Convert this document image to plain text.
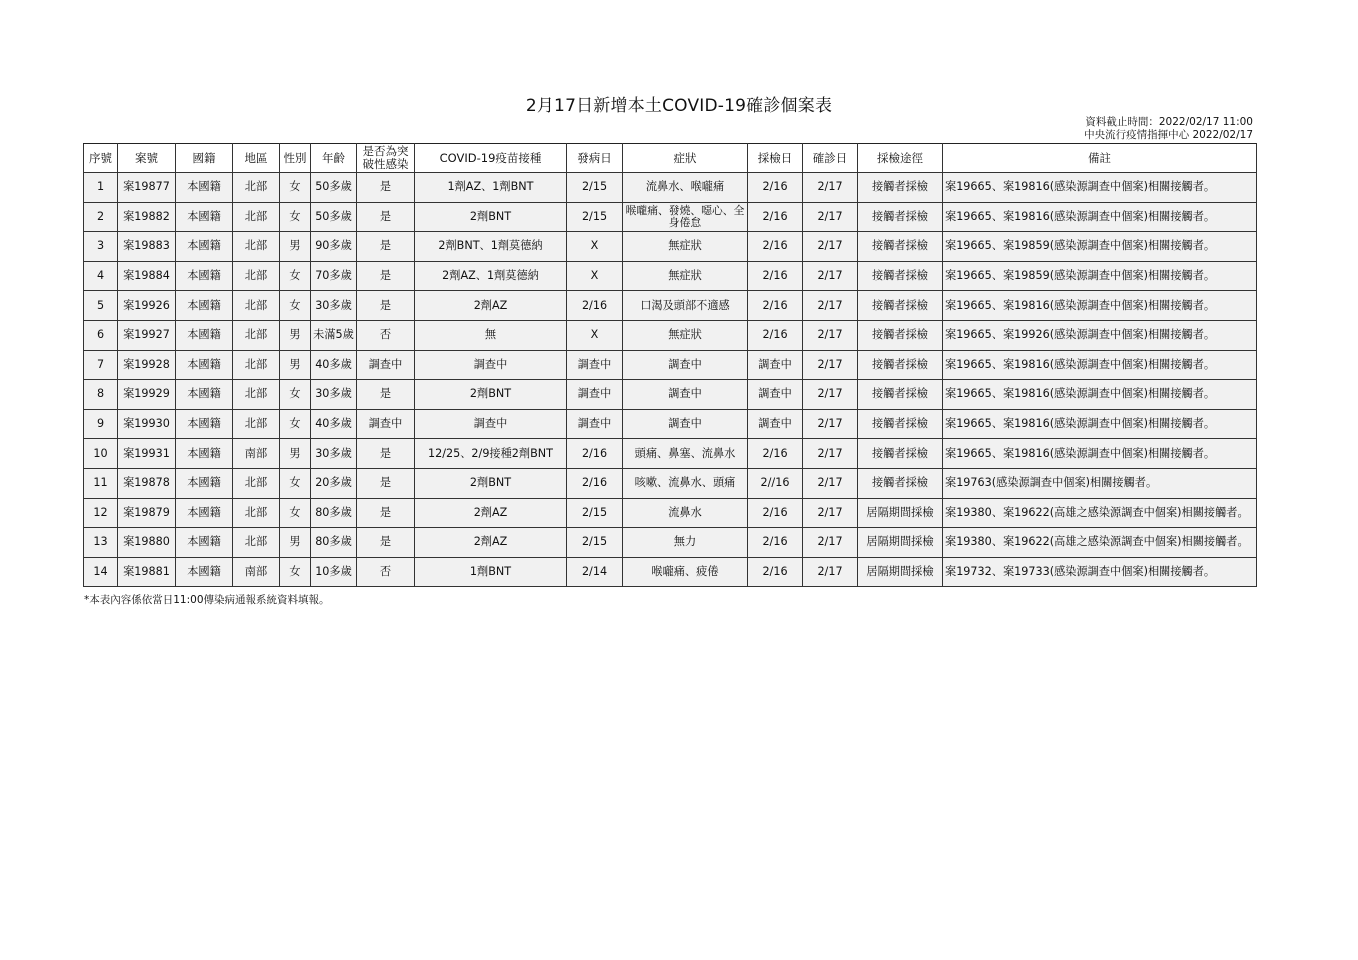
2月17日新增本土COVID-19確診個案表
資料截止時間：2022/02/17 11:00
中央流行疫情指揮中心 2022/02/17
序號	案號	國籍	地區	性別	年齡	是否為突破性感染	COVID-19疫苗接種	發病日	症狀	採檢日	確診日	採檢途徑	備註
1	案19877	本國籍	北部	女	50多歲	是	1劑AZ、1劑BNT	2/15	流鼻水、喉嚨痛	2/16	2/17	接觸者採檢	案19665、案19816(感染源調查中個案)相關接觸者。
2	案19882	本國籍	北部	女	50多歲	是	2劑BNT	2/15	喉嚨痛、發燒、噁心、全身倦怠	2/16	2/17	接觸者採檢	案19665、案19816(感染源調查中個案)相關接觸者。
3	案19883	本國籍	北部	男	90多歲	是	2劑BNT、1劑莫德納	X	無症狀	2/16	2/17	接觸者採檢	案19665、案19859(感染源調查中個案)相關接觸者。
4	案19884	本國籍	北部	女	70多歲	是	2劑AZ、1劑莫德納	X	無症狀	2/16	2/17	接觸者採檢	案19665、案19859(感染源調查中個案)相關接觸者。
5	案19926	本國籍	北部	女	30多歲	是	2劑AZ	2/16	口渴及頭部不適感	2/16	2/17	接觸者採檢	案19665、案19816(感染源調查中個案)相關接觸者。
6	案19927	本國籍	北部	男	未滿5歲	否	無	X	無症狀	2/16	2/17	接觸者採檢	案19665、案19926(感染源調查中個案)相關接觸者。
7	案19928	本國籍	北部	男	40多歲	調查中	調查中	調查中	調查中	調查中	2/17	接觸者採檢	案19665、案19816(感染源調查中個案)相關接觸者。
8	案19929	本國籍	北部	女	30多歲	是	2劑BNT	調查中	調查中	調查中	2/17	接觸者採檢	案19665、案19816(感染源調查中個案)相關接觸者。
9	案19930	本國籍	北部	女	40多歲	調查中	調查中	調查中	調查中	調查中	2/17	接觸者採檢	案19665、案19816(感染源調查中個案)相關接觸者。
10	案19931	本國籍	南部	男	30多歲	是	12/25、2/9接種2劑BNT	2/16	頭痛、鼻塞、流鼻水	2/16	2/17	接觸者採檢	案19665、案19816(感染源調查中個案)相關接觸者。
11	案19878	本國籍	北部	女	20多歲	是	2劑BNT	2/16	咳嗽、流鼻水、頭痛	2//16	2/17	接觸者採檢	案19763(感染源調查中個案)相關接觸者。
12	案19879	本國籍	北部	女	80多歲	是	2劑AZ	2/15	流鼻水	2/16	2/17	居隔期間採檢	案19380、案19622(高雄之感染源調查中個案)相關接觸者。
13	案19880	本國籍	北部	男	80多歲	是	2劑AZ	2/15	無力	2/16	2/17	居隔期間採檢	案19380、案19622(高雄之感染源調查中個案)相關接觸者。
14	案19881	本國籍	南部	女	10多歲	否	1劑BNT	2/14	喉嚨痛、疲倦	2/16	2/17	居隔期間採檢	案19732、案19733(感染源調查中個案)相關接觸者。
*本表內容係依當日11:00傳染病通報系統資料填報。
